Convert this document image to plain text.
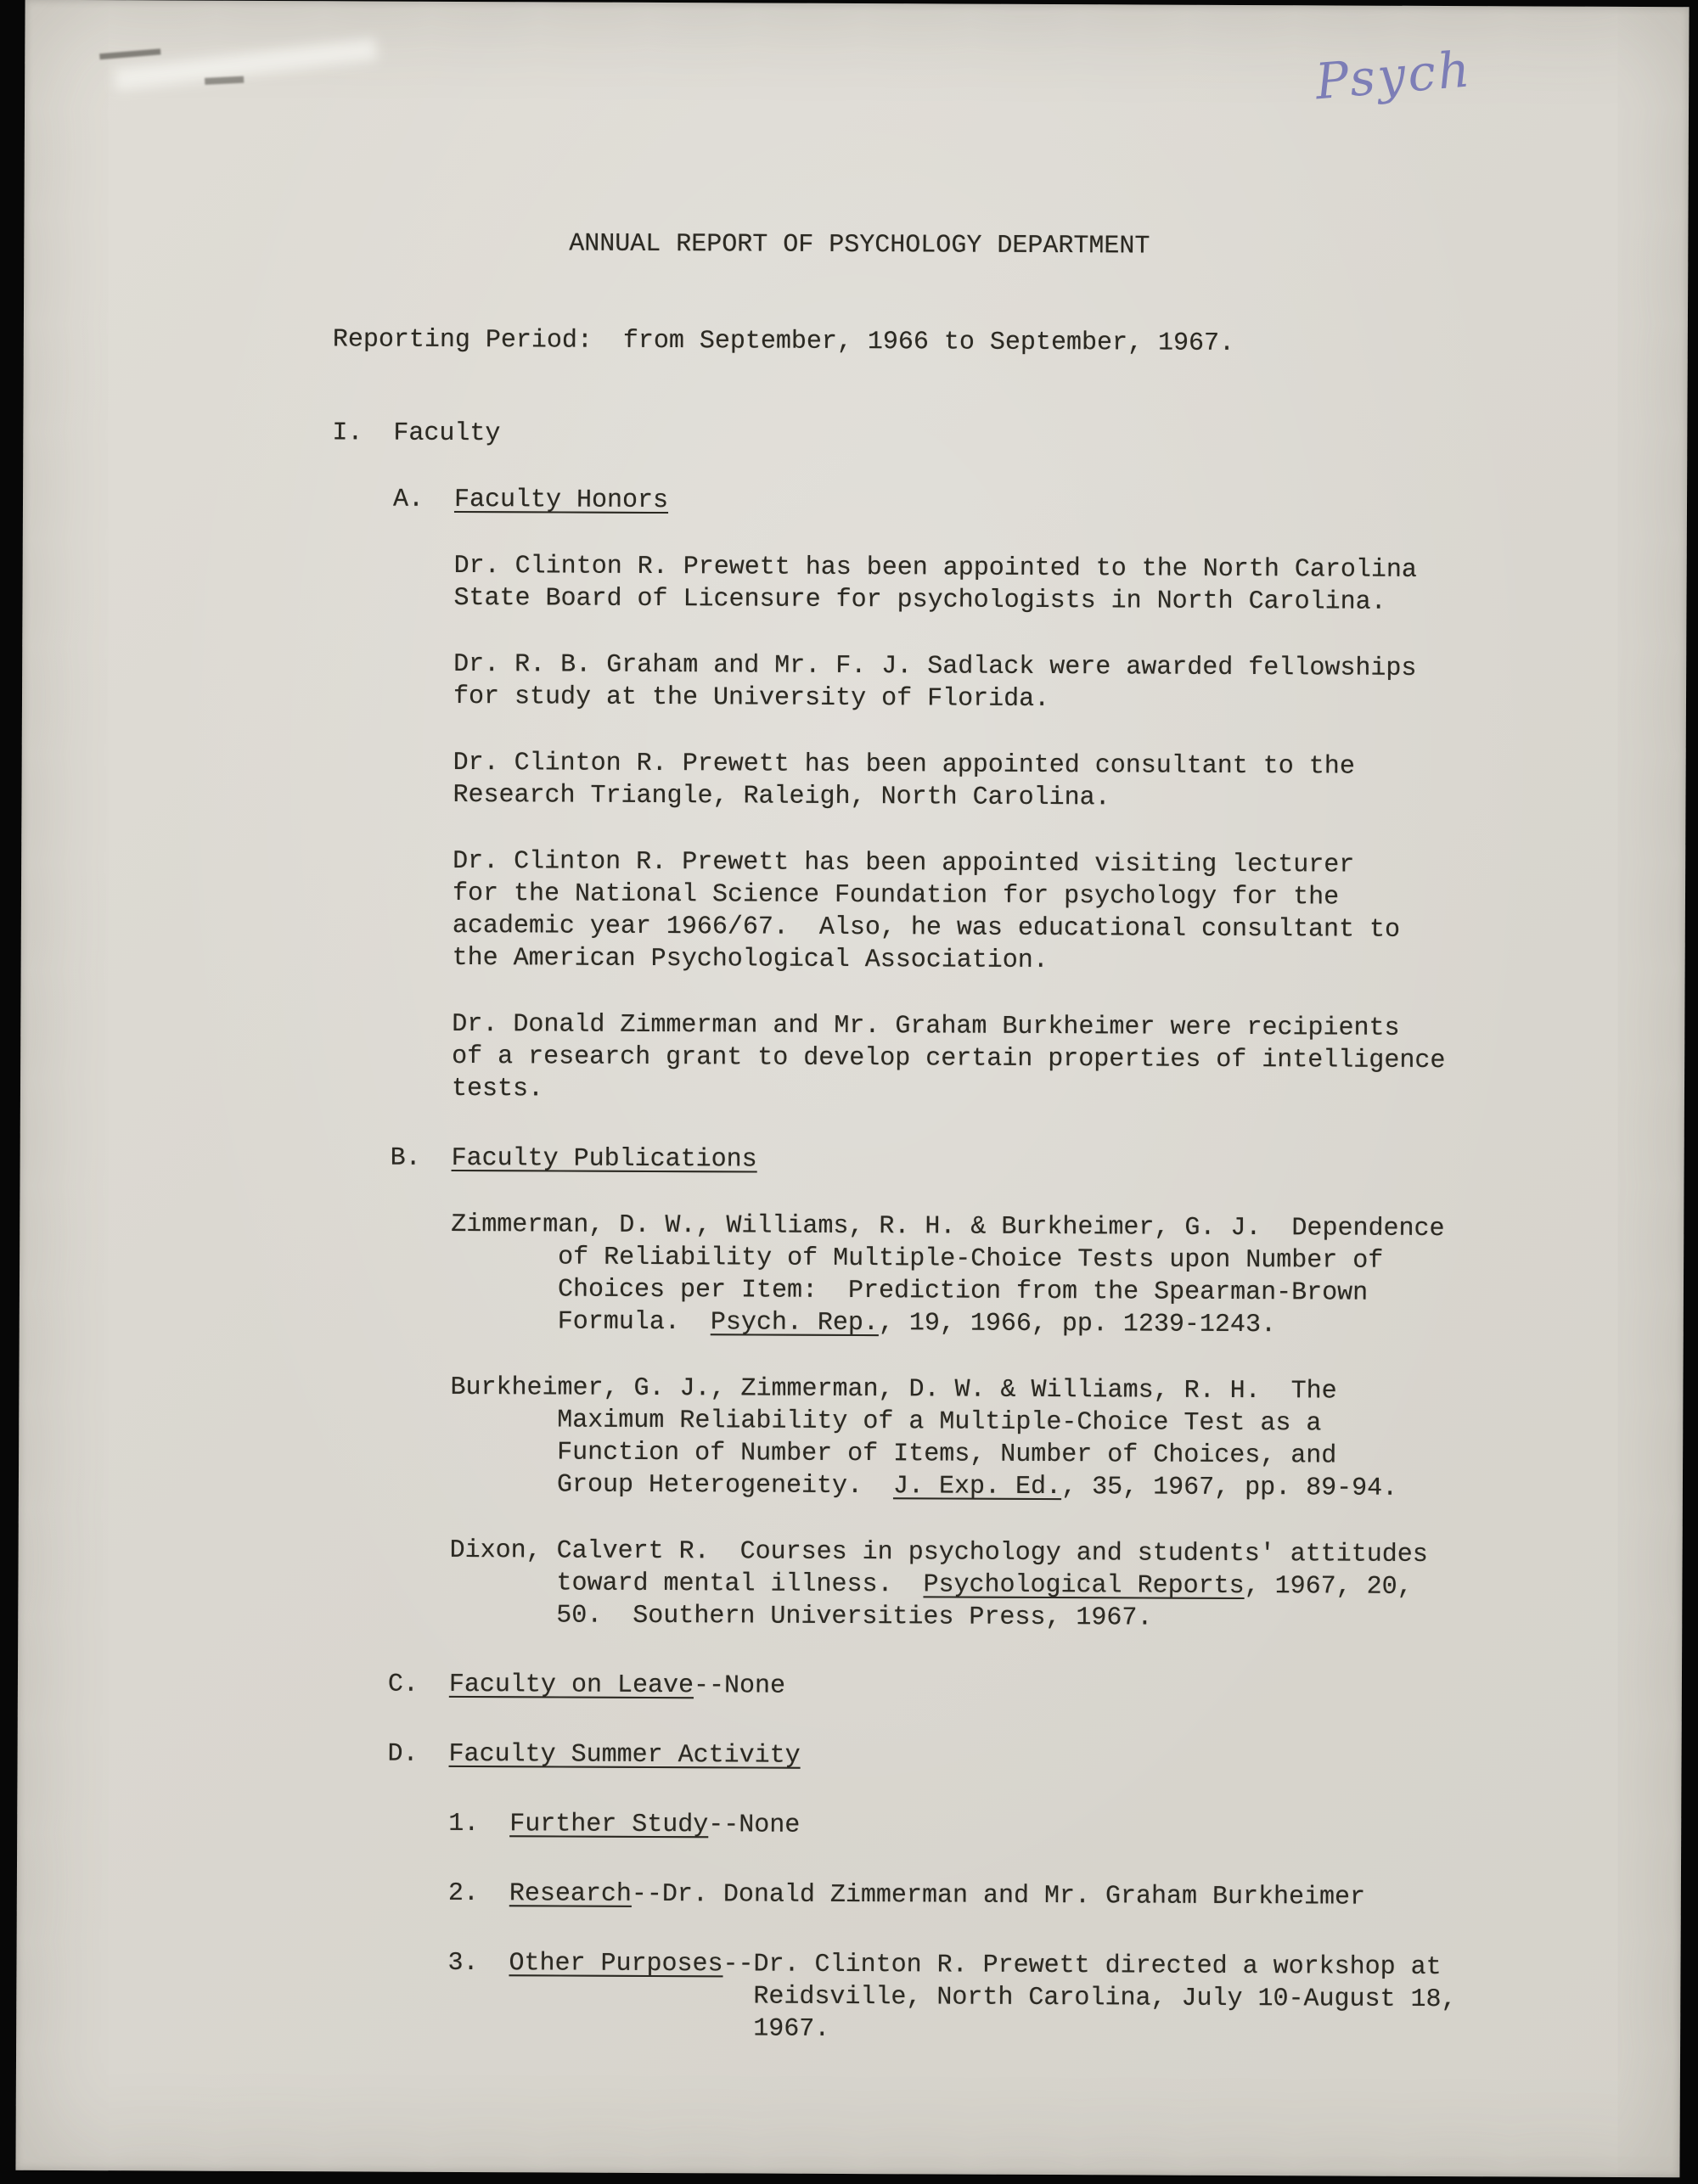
Psych
ANNUAL REPORT OF PSYCHOLOGY DEPARTMENT
Reporting Period:  from September, 1966 to September, 1967.
I.  Faculty
A.  Faculty Honors
Dr. Clinton R. Prewett has been appointed to the North Carolina
State Board of Licensure for psychologists in North Carolina.
Dr. R. B. Graham and Mr. F. J. Sadlack were awarded fellowships
for study at the University of Florida.
Dr. Clinton R. Prewett has been appointed consultant to the
Research Triangle, Raleigh, North Carolina.
Dr. Clinton R. Prewett has been appointed visiting lecturer
for the National Science Foundation for psychology for the
academic year 1966/67.  Also, he was educational consultant to
the American Psychological Association.
Dr. Donald Zimmerman and Mr. Graham Burkheimer were recipients
of a research grant to develop certain properties of intelligence
tests.
B.  Faculty Publications
Zimmerman, D. W., Williams, R. H. & Burkheimer, G. J.  Dependence
of Reliability of Multiple-Choice Tests upon Number of
Choices per Item:  Prediction from the Spearman-Brown
Formula.  Psych. Rep., 19, 1966, pp. 1239-1243.
Burkheimer, G. J., Zimmerman, D. W. & Williams, R. H.  The
Maximum Reliability of a Multiple-Choice Test as a
Function of Number of Items, Number of Choices, and
Group Heterogeneity.  J. Exp. Ed., 35, 1967, pp. 89-94.
Dixon, Calvert R.  Courses in psychology and students' attitudes
toward mental illness.  Psychological Reports, 1967, 20,
50.  Southern Universities Press, 1967.
C.  Faculty on Leave--None
D.  Faculty Summer Activity
1.  Further Study--None
2.  Research--Dr. Donald Zimmerman and Mr. Graham Burkheimer
3.  Other Purposes--Dr. Clinton R. Prewett directed a workshop at
Reidsville, North Carolina, July 10-August 18,
1967.
